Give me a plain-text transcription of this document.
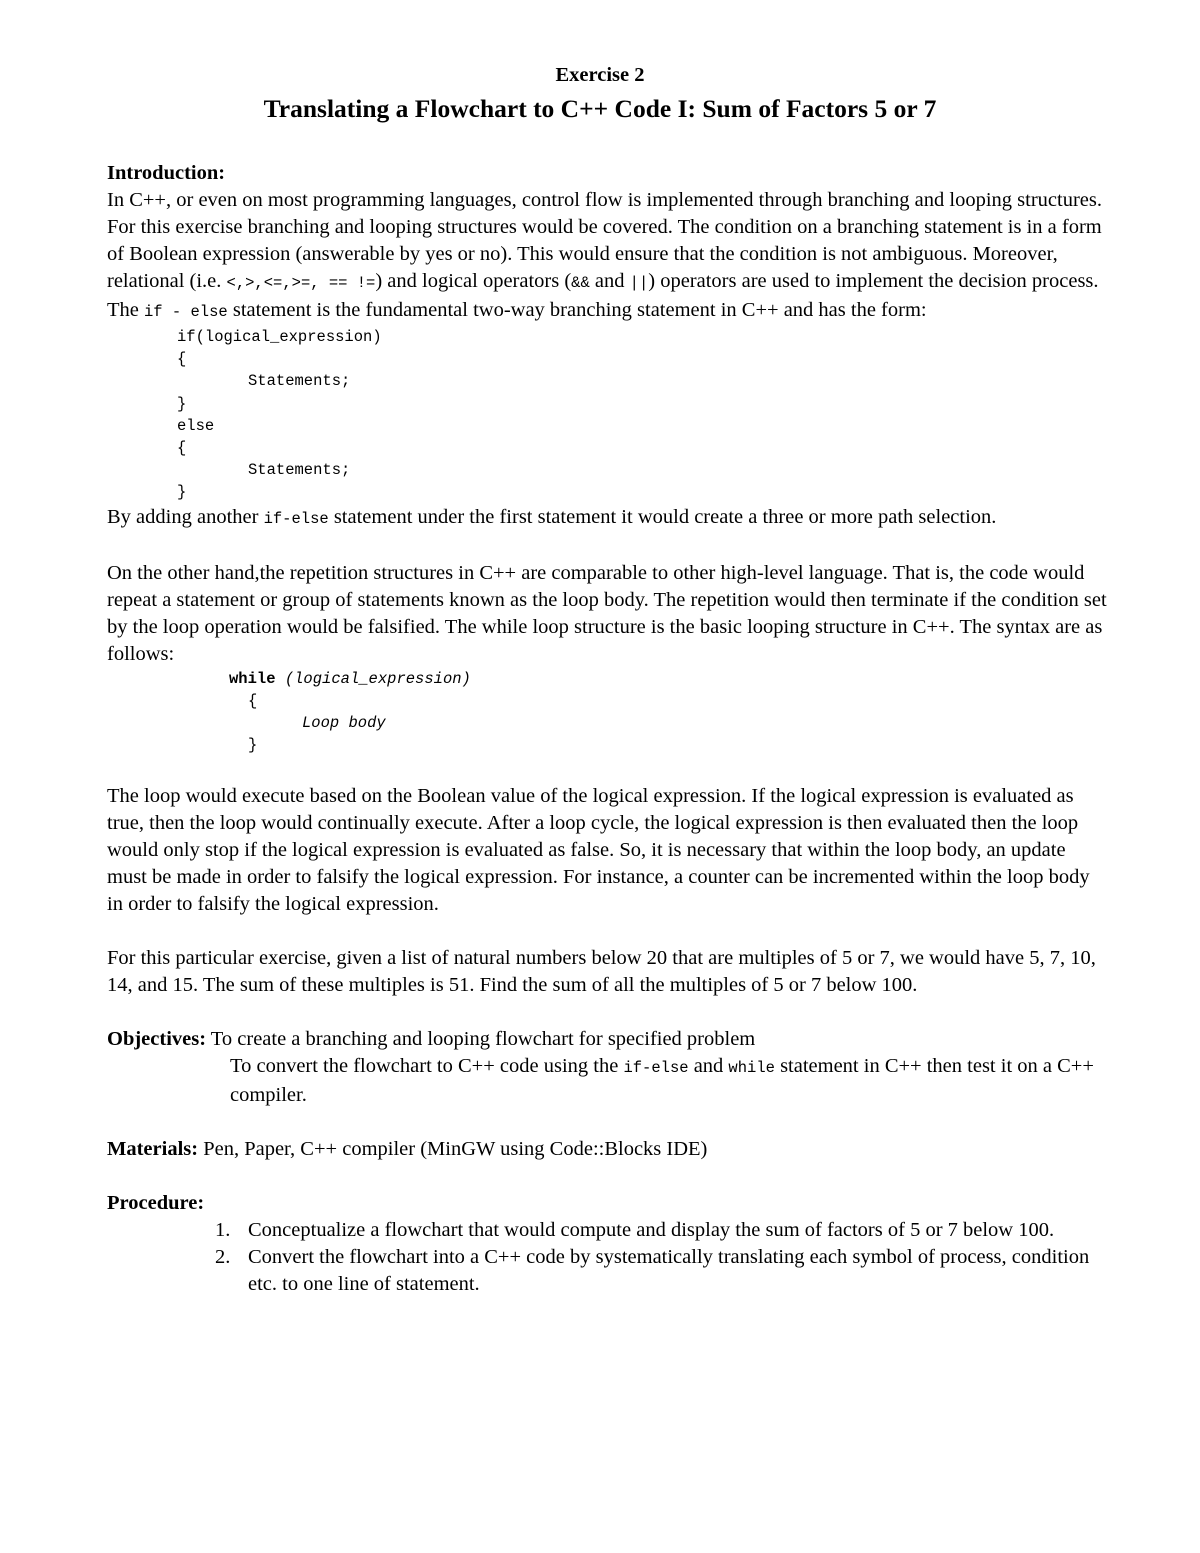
Exercise 2
Translating a Flowchart to C++ Code I: Sum of Factors 5 or 7

Introduction:

In C++, or even on most programming languages, control flow is implemented through branching and looping structures. For this exercise branching and looping structures would be covered. The condition on a branching statement is in a form of Boolean expression (answerable by yes or no). This would ensure that the condition is not ambiguous. Moreover, relational (i.e. <,>,<=,>=, == !=) and logical operators (&& and ||) operators are used to implement the decision process. The if - else statement is the fundamental two-way branching statement in C++ and has the form:

if(logical_expression)
{
Statements;
}
else
{
Statements;
}

By adding another if-else statement under the first statement it would create a three or more path selection.

On the other hand,the repetition structures in C++ are comparable to other high-level language. That is, the code would repeat a statement or group of statements known as the loop body. The repetition would then terminate if the condition set by the loop operation would be falsified. The while loop structure is the basic looping structure in C++. The syntax are as follows:

while (logical_expression)
{
Loop body
}

The loop would execute based on the Boolean value of the logical expression. If the logical expression is evaluated as true, then the loop would continually execute. After a loop cycle, the logical expression is then evaluated then the loop would only stop if the logical expression is evaluated as false. So, it is necessary that within the loop body, an update must be made in order to falsify the logical expression. For instance, a counter can be incremented within the loop body in order to falsify the logical expression.

For this particular exercise, given a list of natural numbers below 20 that are multiples of 5 or 7, we would have 5, 7, 10, 14, and 15. The sum of these multiples is 51. Find the sum of all the multiples of 5 or 7 below 100.

Objectives: To create a branching and looping flowchart for specified problem

To convert the flowchart to C++ code using the if-else and while statement in C++ then test it on a C++ compiler.

Materials: Pen, Paper, C++ compiler (MinGW using Code::Blocks IDE)

Procedure:

1. Conceptualize a flowchart that would compute and display the sum of factors of 5 or 7 below 100.
2. Convert the flowchart into a C++ code by systematically translating each symbol of process, condition etc. to one line of statement.
